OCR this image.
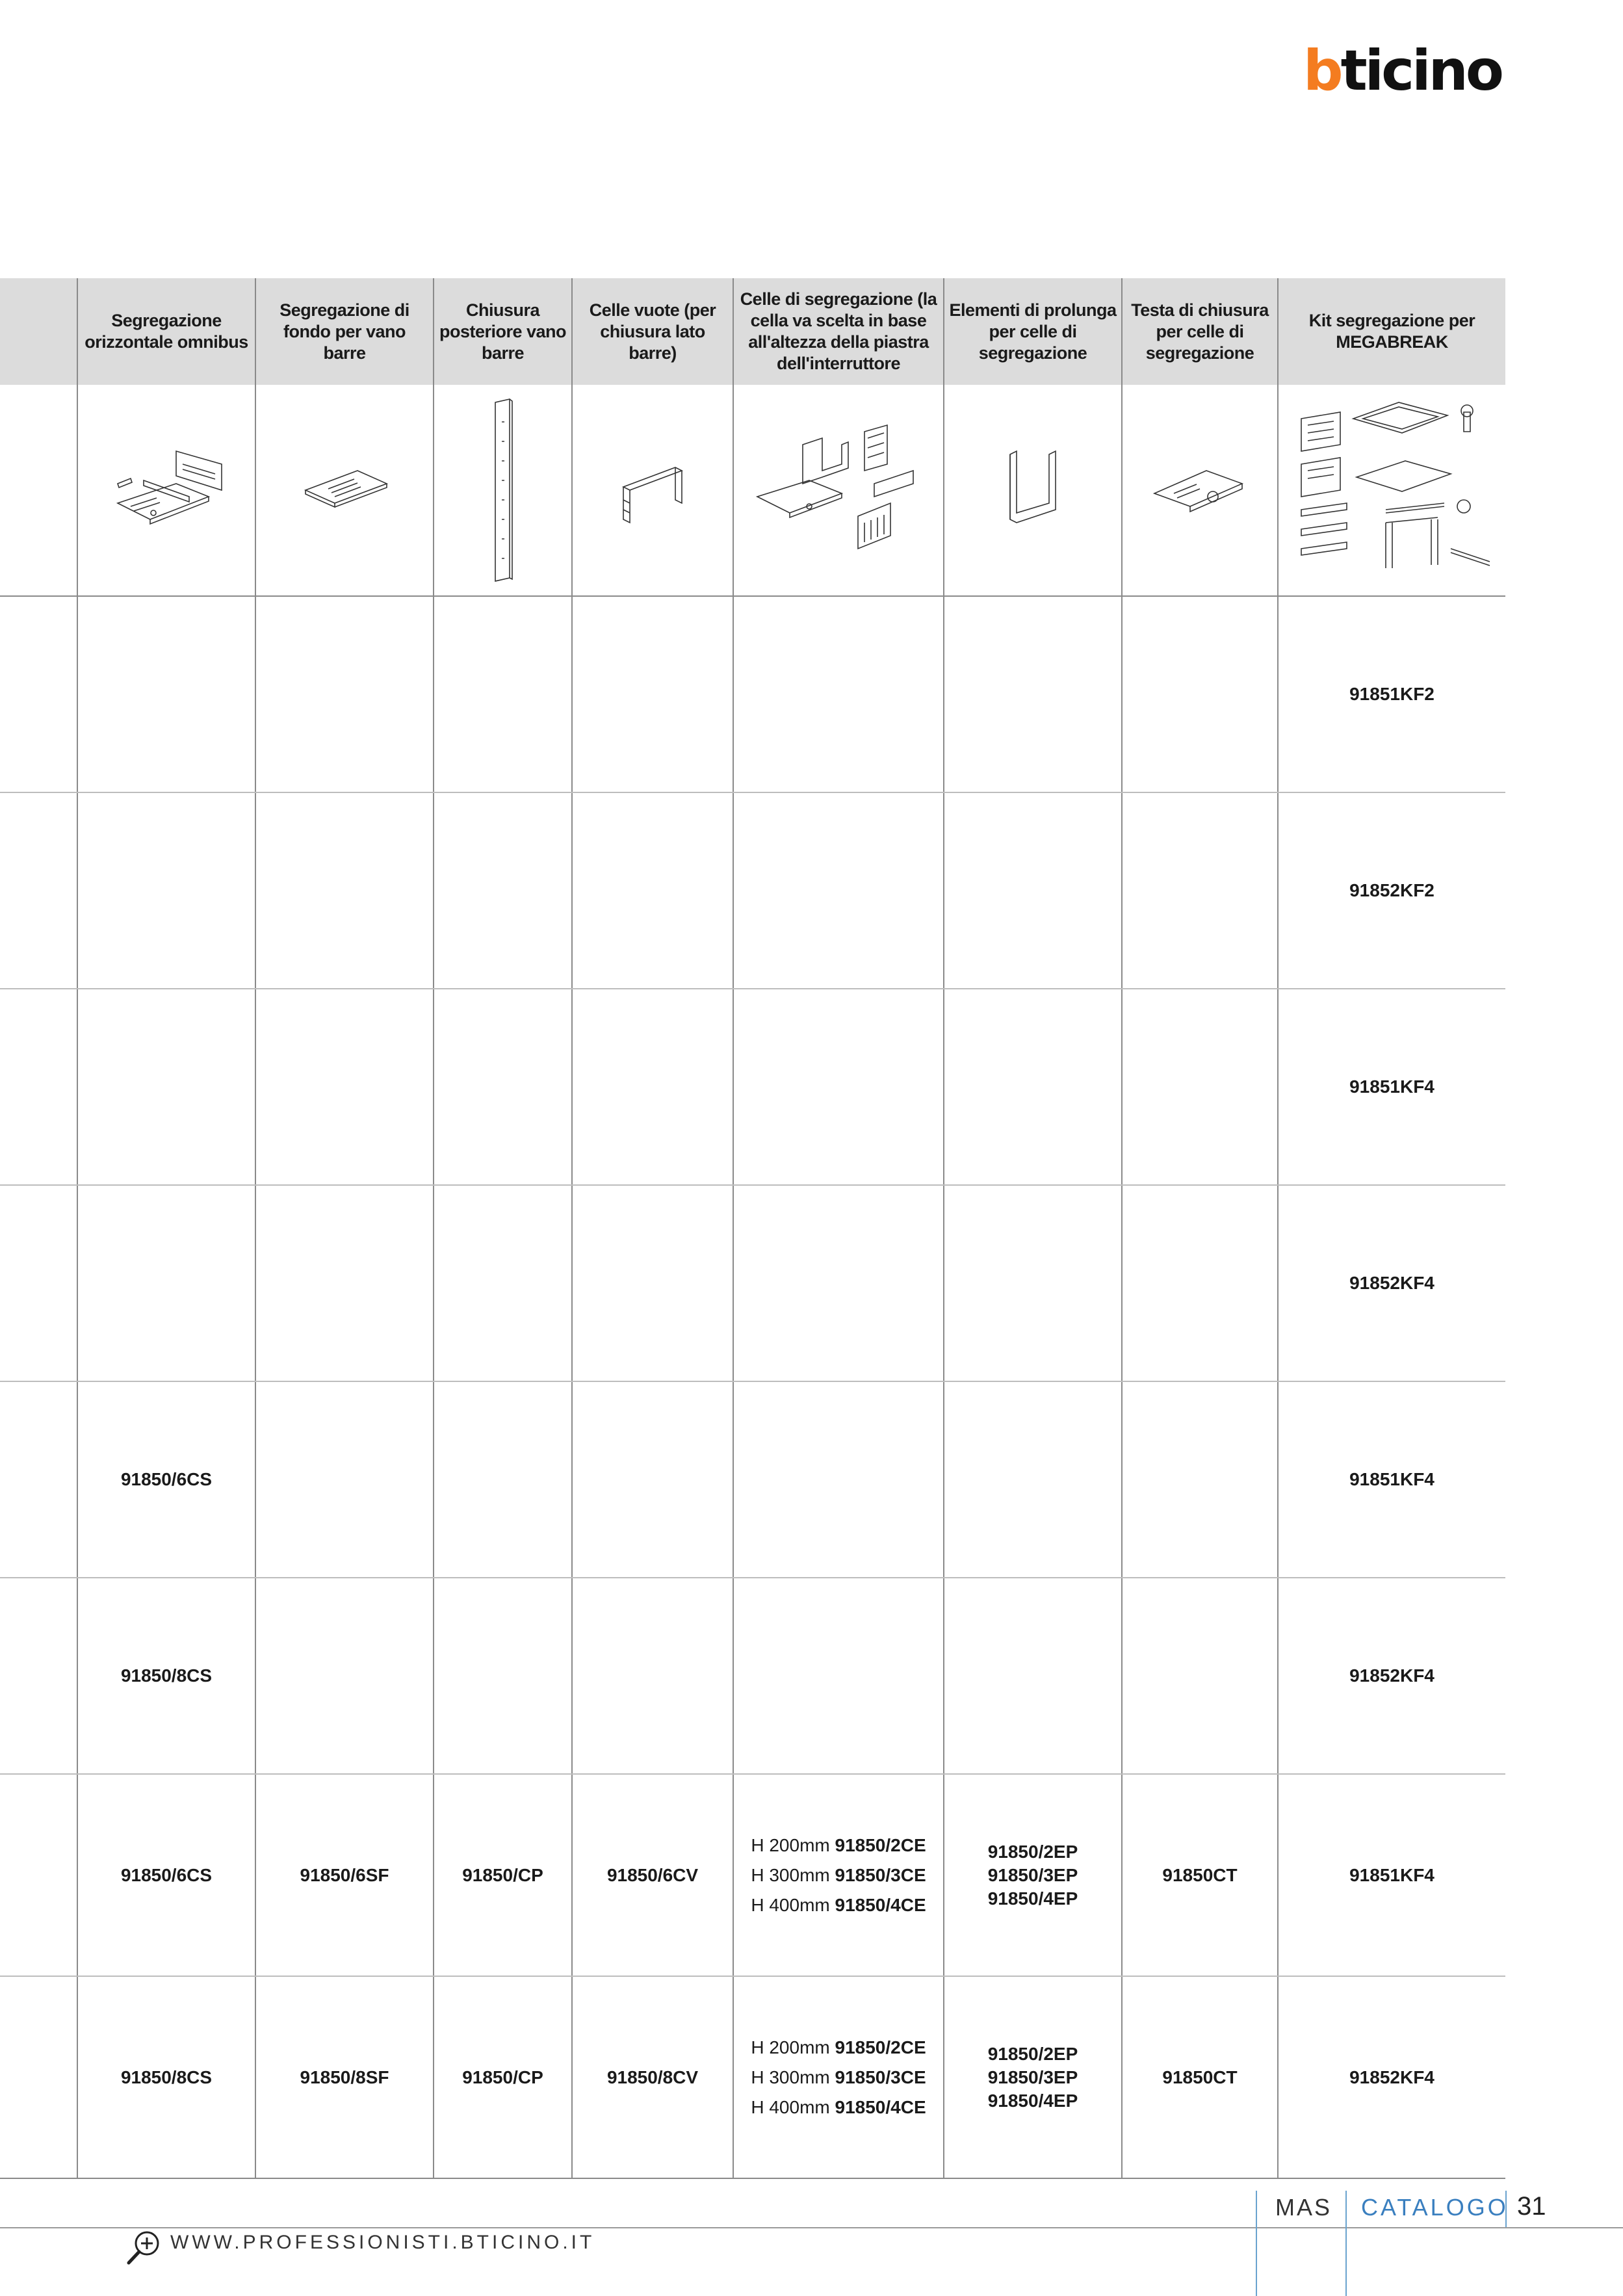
bticino
	Segregazione orizzontale omnibus	Segregazione di fondo per vano barre	Chiusura posteriore vano barre	Celle vuote (per chiusura lato barre)	Celle di segregazione (la cella va scelta in base all'altezza della piastra dell'interruttore	Elementi di prolunga per celle di segregazione	Testa di chiusura per celle di segregazione	Kit segregazione per MEGABREAK

								91851KF2
								91852KF2
								91851KF4
								91852KF4
	91850/6CS							91851KF4
	91850/8CS							91852KF4
	91850/6CS	91850/6SF	91850/CP	91850/6CV	H 200mm 91850/2CE
H 300mm 91850/3CE
H 400mm 91850/4CE	91850/2EP
91850/3EP
91850/4EP	91850CT	91851KF4
	91850/8CS	91850/8SF	91850/CP	91850/8CV	H 200mm 91850/2CE
H 300mm 91850/3CE
H 400mm 91850/4CE	91850/2EP
91850/3EP
91850/4EP	91850CT	91852KF4
MAS CATALOGO 31
WWW.PROFESSIONISTI.BTICINO.IT
